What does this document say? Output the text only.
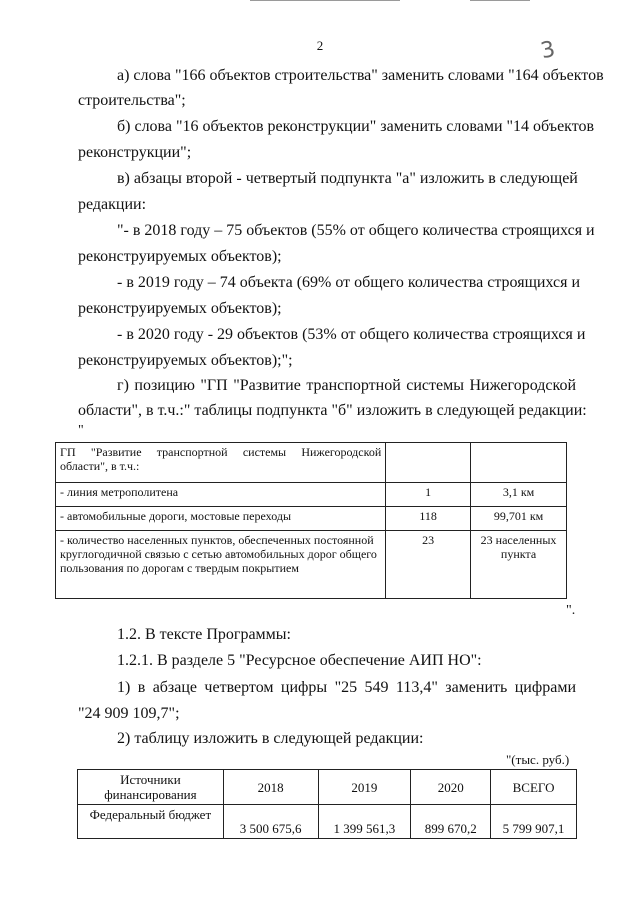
2	3
а) слова "166 объектов строительства" заменить словами "164 объектов
строительства";
б) слова "16 объектов реконструкции" заменить словами "14 объектов
реконструкции";
в) абзацы второй - четвертый подпункта "а" изложить в следующей
редакции:
"- в 2018 году – 75 объектов (55% от общего количества строящихся и
реконструируемых объектов);
- в 2019 году – 74 объекта (69% от общего количества строящихся и
реконструируемых объектов);
- в 2020 году - 29 объектов (53% от общего количества строящихся и
реконструируемых объектов);";
г) позицию "ГП "Развитие транспортной системы Нижегородской
области", в т.ч.:" таблицы подпункта "б" изложить в следующей редакции:
"
ГП "Развитие транспортной системы Нижегородской области", в т.ч.:		
- линия метрополитена	1	3,1 км
- автомобильные дороги, мостовые переходы	118	99,701 км
- количество населенных пунктов, обеспеченных постоянной круглогодичной связью с сетью автомобильных дорог общего пользования по дорогам с твердым покрытием	23	23 населенных пункта
".
1.2. В тексте Программы:
1.2.1. В разделе 5 "Ресурсное обеспечение АИП НО":
1) в абзаце четвертом цифры "25 549 113,4" заменить цифрами
"24 909 109,7";
2) таблицу изложить в следующей редакции:
"(тыс. руб.)
Источники финансирования	2018	2019	2020	ВСЕГО
Федеральный бюджет	3 500 675,6	1 399 561,3	899 670,2	5 799 907,1
